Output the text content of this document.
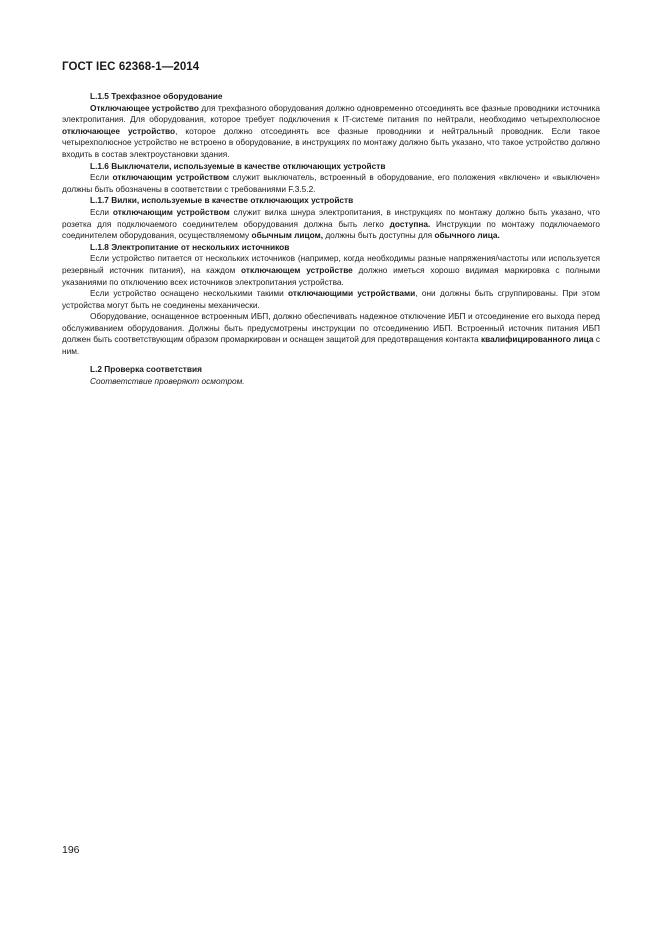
ГОСТ IEC 62368-1—2014
L.1.5 Трехфазное оборудование

Отключающее устройство для трехфазного оборудования должно одновременно отсоединять все фазные проводники источника электропитания. Для оборудования, которое требует подключения к IT-системе питания по нейтрали, необходимо четырехполюсное отключающее устройство, которое должно отсоединять все фазные проводники и нейтральный проводник. Если такое четырехполюсное устройство не встроено в оборудование, в инструкциях по монтажу должно быть указано, что такое устройство должно входить в состав электроустановки здания.

L.1.6 Выключатели, используемые в качестве отключающих устройств

Если отключающим устройством служит выключатель, встроенный в оборудование, его положения «включен» и «выключен» должны быть обозначены в соответствии с требованиями F.3.5.2.

L.1.7 Вилки, используемые в качестве отключающих устройств

Если отключающим устройством служит вилка шнура электропитания, в инструкциях по монтажу должно быть указано, что розетка для подключаемого соединителем оборудования должна быть легко доступна. Инструкции по монтажу подключаемого соединителем оборудования, осуществляемому обычным лицом, должны быть доступны для обычного лица.

L.1.8 Электропитание от нескольких источников

Если устройство питается от нескольких источников (например, когда необходимы разные напряжения/частоты или используется резервный источник питания), на каждом отключающем устройстве должно иметься хорошо видимая маркировка с полными указаниями по отключению всех источников электропитания устройства.

Если устройство оснащено несколькими такими отключающими устройствами, они должны быть сгруппированы. При этом устройства могут быть не соединены механически.

Оборудование, оснащенное встроенным ИБП, должно обеспечивать надежное отключение ИБП и отсоединение его выхода перед обслуживанием оборудования. Должны быть предусмотрены инструкции по отсоединению ИБП. Встроенный источник питания ИБП должен быть соответствующим образом промаркирован и оснащен защитой для предотвращения контакта квалифицированного лица с ним.

L.2 Проверка соответствия

Соответствие проверяют осмотром.

196
